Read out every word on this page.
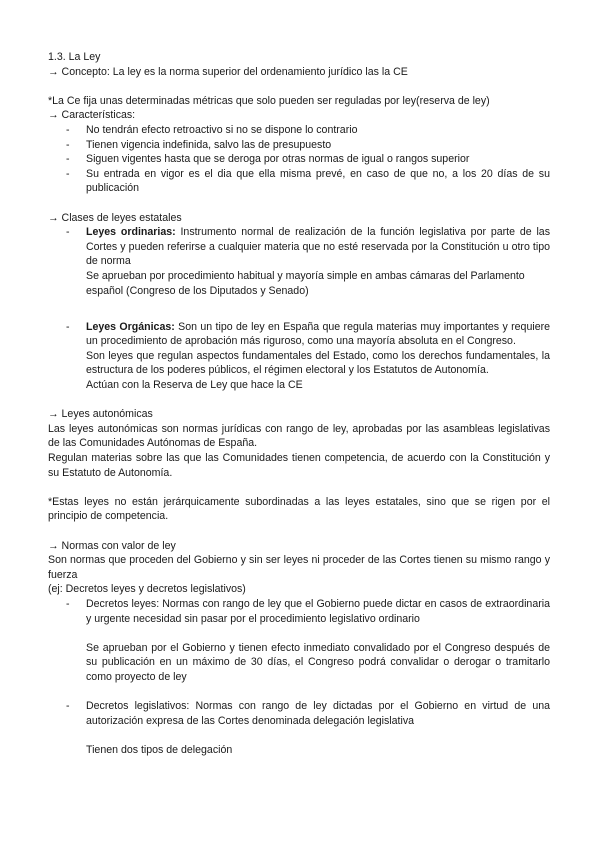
1.3. La Ley

→ Concepto: La ley es la norma superior del ordenamiento jurídico las la CE

*La Ce fija unas determinadas métricas que solo pueden ser reguladas por ley(reserva de ley)

→ Características:

-	No tendrán efecto retroactivo si no se dispone lo contrario
-	Tienen vigencia indefinida, salvo las de presupuesto
-	Siguen vigentes hasta que se deroga por otras normas de igual o rangos superior
-	Su entrada en vigor es el dia que ella misma prevé, en caso de que no, a los 20 días de su publicación

→ Clases de leyes estatales

-	Leyes ordinarias: Instrumento normal de realización de la función legislativa por parte de las Cortes y pueden referirse a cualquier materia que no esté reservada por la Constitución u otro tipo de norma

Se aprueban por procedimiento habitual y mayoría simple en ambas cámaras del Parlamento español (Congreso de los Diputados y Senado)

-	Leyes Orgánicas: Son un tipo de ley en España que regula materias muy importantes y requiere un procedimiento de aprobación más riguroso, como una mayoría absoluta en el Congreso.

Son leyes que regulan aspectos fundamentales del Estado, como los derechos fundamentales, la estructura de los poderes públicos, el régimen electoral y los Estatutos de Autonomía.

Actúan con la Reserva de Ley que hace la CE

→ Leyes autonómicas

Las leyes autonómicas son normas jurídicas con rango de ley, aprobadas por las asambleas legislativas de las Comunidades Autónomas de España.

Regulan materias sobre las que las Comunidades tienen competencia, de acuerdo con la Constitución y su Estatuto de Autonomía.

*Estas leyes no están jerárquicamente subordinadas a las leyes estatales, sino que se rigen por el principio de competencia.

→ Normas con valor de ley

Son normas que proceden del Gobierno y sin ser leyes ni proceder de las Cortes tienen su mismo rango y fuerza

(ej: Decretos leyes y decretos legislativos)

-	Decretos leyes: Normas con rango de ley que el Gobierno puede dictar en casos de extraordinaria y urgente necesidad sin pasar por el procedimiento legislativo ordinario

Se aprueban por el Gobierno y tienen efecto inmediato convalidado por el Congreso después de su publicación en un máximo de 30 días, el Congreso podrá convalidar o derogar o tramitarlo como proyecto de ley

-	Decretos legislativos: Normas con rango de ley dictadas por el Gobierno en virtud de una autorización expresa de las Cortes denominada delegación legislativa

Tienen dos tipos de delegación
